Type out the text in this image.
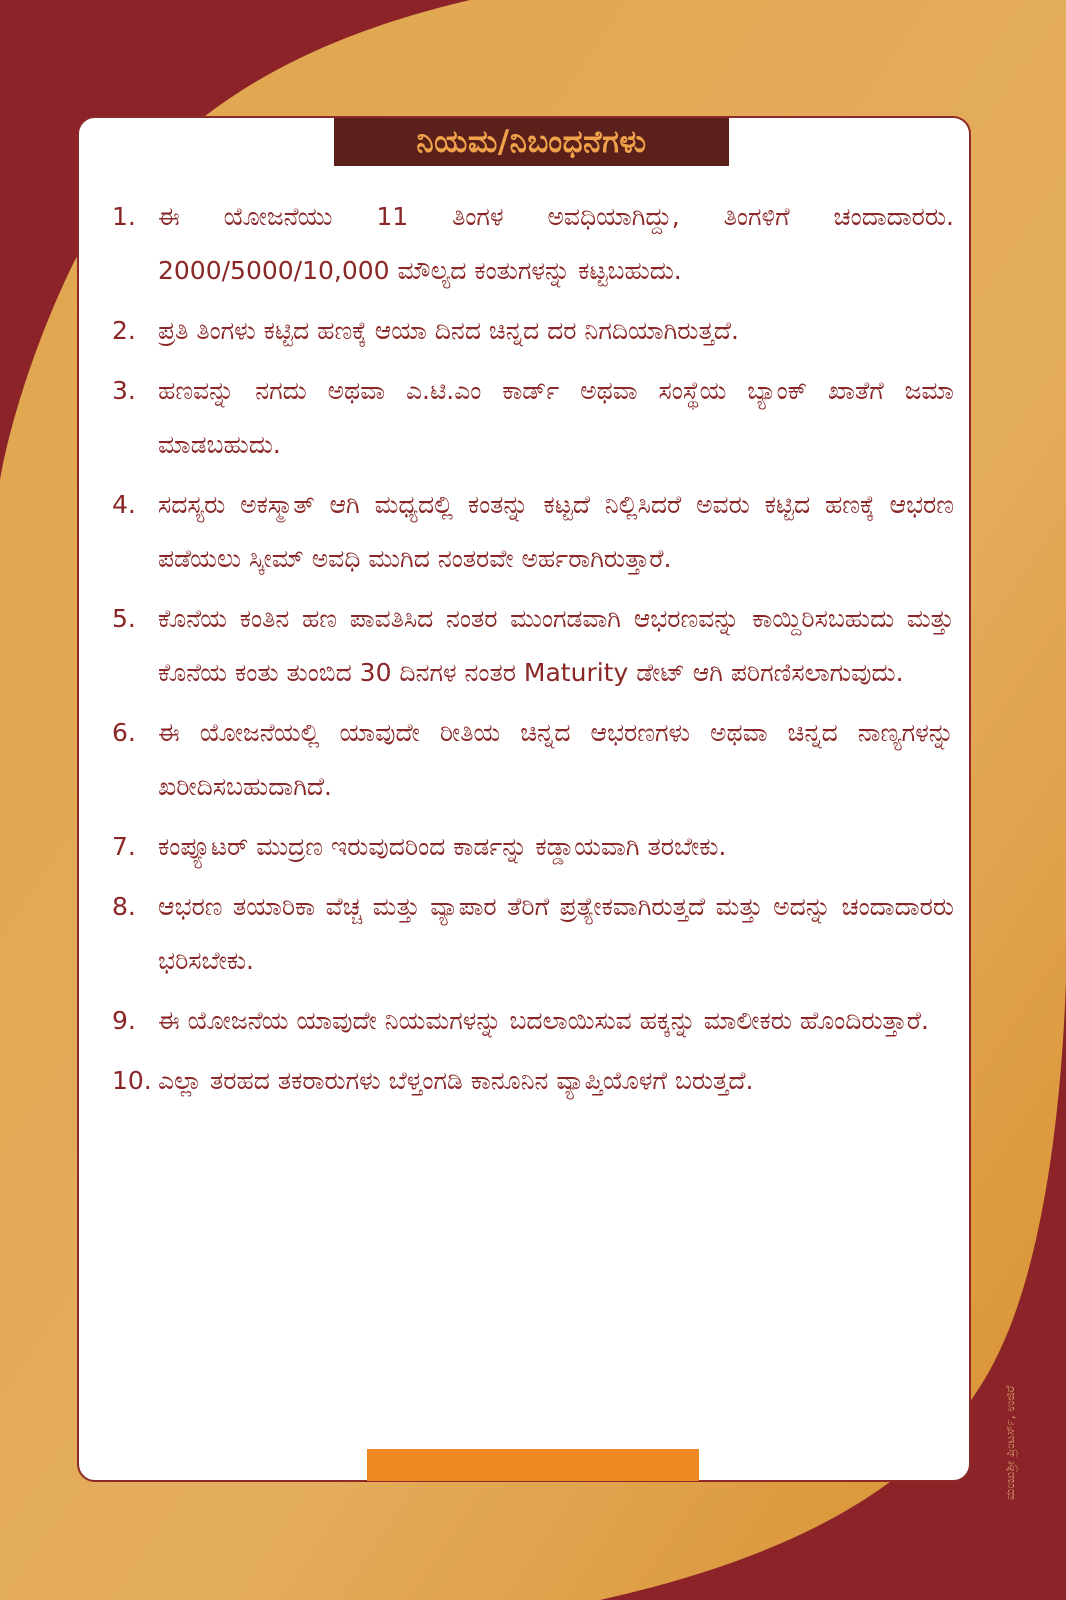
ನಿಯಮ/ನಿಬಂಧನೆಗಳು
1. ಈ ಯೋಜನೆಯು 11 ತಿಂಗಳ ಅವಧಿಯಾಗಿದ್ದು, ತಿಂಗಳಿಗೆ ಚಂದಾದಾರರು. 2000/5000/10,000 ಮೌಲ್ಯದ ಕಂತುಗಳನ್ನು ಕಟ್ಟಬಹುದು.
2. ಪ್ರತಿ ತಿಂಗಳು ಕಟ್ಟಿದ ಹಣಕ್ಕೆ ಆಯಾ ದಿನದ ಚಿನ್ನದ ದರ ನಿಗದಿಯಾಗಿರುತ್ತದೆ.
3. ಹಣವನ್ನು ನಗದು ಅಥವಾ ಎ.ಟಿ.ಎಂ ಕಾರ್ಡ್ ಅಥವಾ ಸಂಸ್ಥೆಯ ಬ್ಯಾಂಕ್ ಖಾತೆಗೆ ಜಮಾ ಮಾಡಬಹುದು.
4. ಸದಸ್ಯರು ಅಕಸ್ಮಾತ್ ಆಗಿ ಮಧ್ಯದಲ್ಲಿ ಕಂತನ್ನು ಕಟ್ಟದೆ ನಿಲ್ಲಿಸಿದರೆ ಅವರು ಕಟ್ಟಿದ ಹಣಕ್ಕೆ ಆಭರಣ ಪಡೆಯಲು ಸ್ಕೀಮ್ ಅವಧಿ ಮುಗಿದ ನಂತರವೇ ಅರ್ಹರಾಗಿರುತ್ತಾರೆ.
5. ಕೊನೆಯ ಕಂತಿನ ಹಣ ಪಾವತಿಸಿದ ನಂತರ ಮುಂಗಡವಾಗಿ ಆಭರಣವನ್ನು ಕಾಯ್ದಿರಿಸಬಹುದು ಮತ್ತು ಕೊನೆಯ ಕಂತು ತುಂಬಿದ 30 ದಿನಗಳ ನಂತರ Maturity ಡೇಟ್ ಆಗಿ ಪರಿಗಣಿಸಲಾಗುವುದು.
6. ಈ ಯೋಜನೆಯಲ್ಲಿ ಯಾವುದೇ ರೀತಿಯ ಚಿನ್ನದ ಆಭರಣಗಳು ಅಥವಾ ಚಿನ್ನದ ನಾಣ್ಯಗಳನ್ನು ಖರೀದಿಸಬಹುದಾಗಿದೆ.
7. ಕಂಪ್ಯೂಟರ್ ಮುದ್ರಣ ಇರುವುದರಿಂದ ಕಾರ್ಡನ್ನು ಕಡ್ಡಾಯವಾಗಿ ತರಬೇಕು.
8. ಆಭರಣ ತಯಾರಿಕಾ ವೆಚ್ಚ ಮತ್ತು ವ್ಯಾಪಾರ ತೆರಿಗೆ ಪ್ರತ್ಯೇಕವಾಗಿರುತ್ತದೆ ಮತ್ತು ಅದನ್ನು ಚಂದಾದಾರರು ಭರಿಸಬೇಕು.
9. ಈ ಯೋಜನೆಯ ಯಾವುದೇ ನಿಯಮಗಳನ್ನು ಬದಲಾಯಿಸುವ ಹಕ್ಕನ್ನು ಮಾಲೀಕರು ಹೊಂದಿರುತ್ತಾರೆ.
10. ಎಲ್ಲಾ ತರಹದ ತಕರಾರುಗಳು ಬೆಳ್ತಂಗಡಿ ಕಾನೂನಿನ ವ್ಯಾಪ್ತಿಯೊಳಗೆ ಬರುತ್ತದೆ.
ಮಂಜುಶ್ರೀ ಪ್ರಿಂಟರ್ಸ್, ಉಜಿರೆ
